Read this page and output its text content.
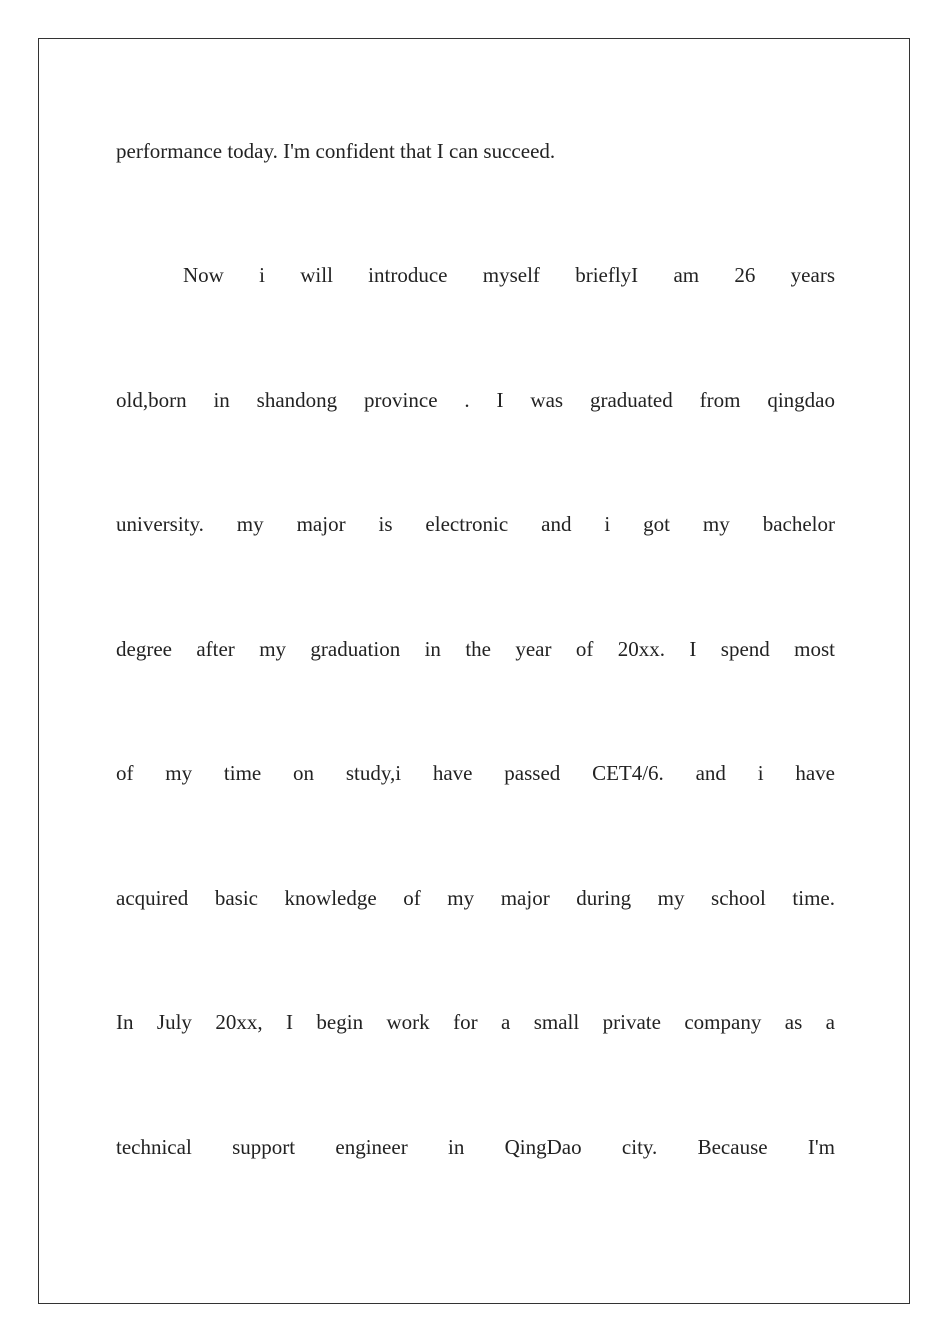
performance today. I'm confident that I can succeed.
Now i will introduce myself brieflyI am 26 years
old,born in shandong province . I was graduated from qingdao
university. my major is electronic and i got my bachelor
degree after my graduation in the year of 20xx. I spend most
of my time on study,i have passed CET4/6. and i have
acquired basic knowledge of my major during my school time.
In July 20xx, I begin work for a small private company as a
technical support engineer in QingDao city. Because I'm
